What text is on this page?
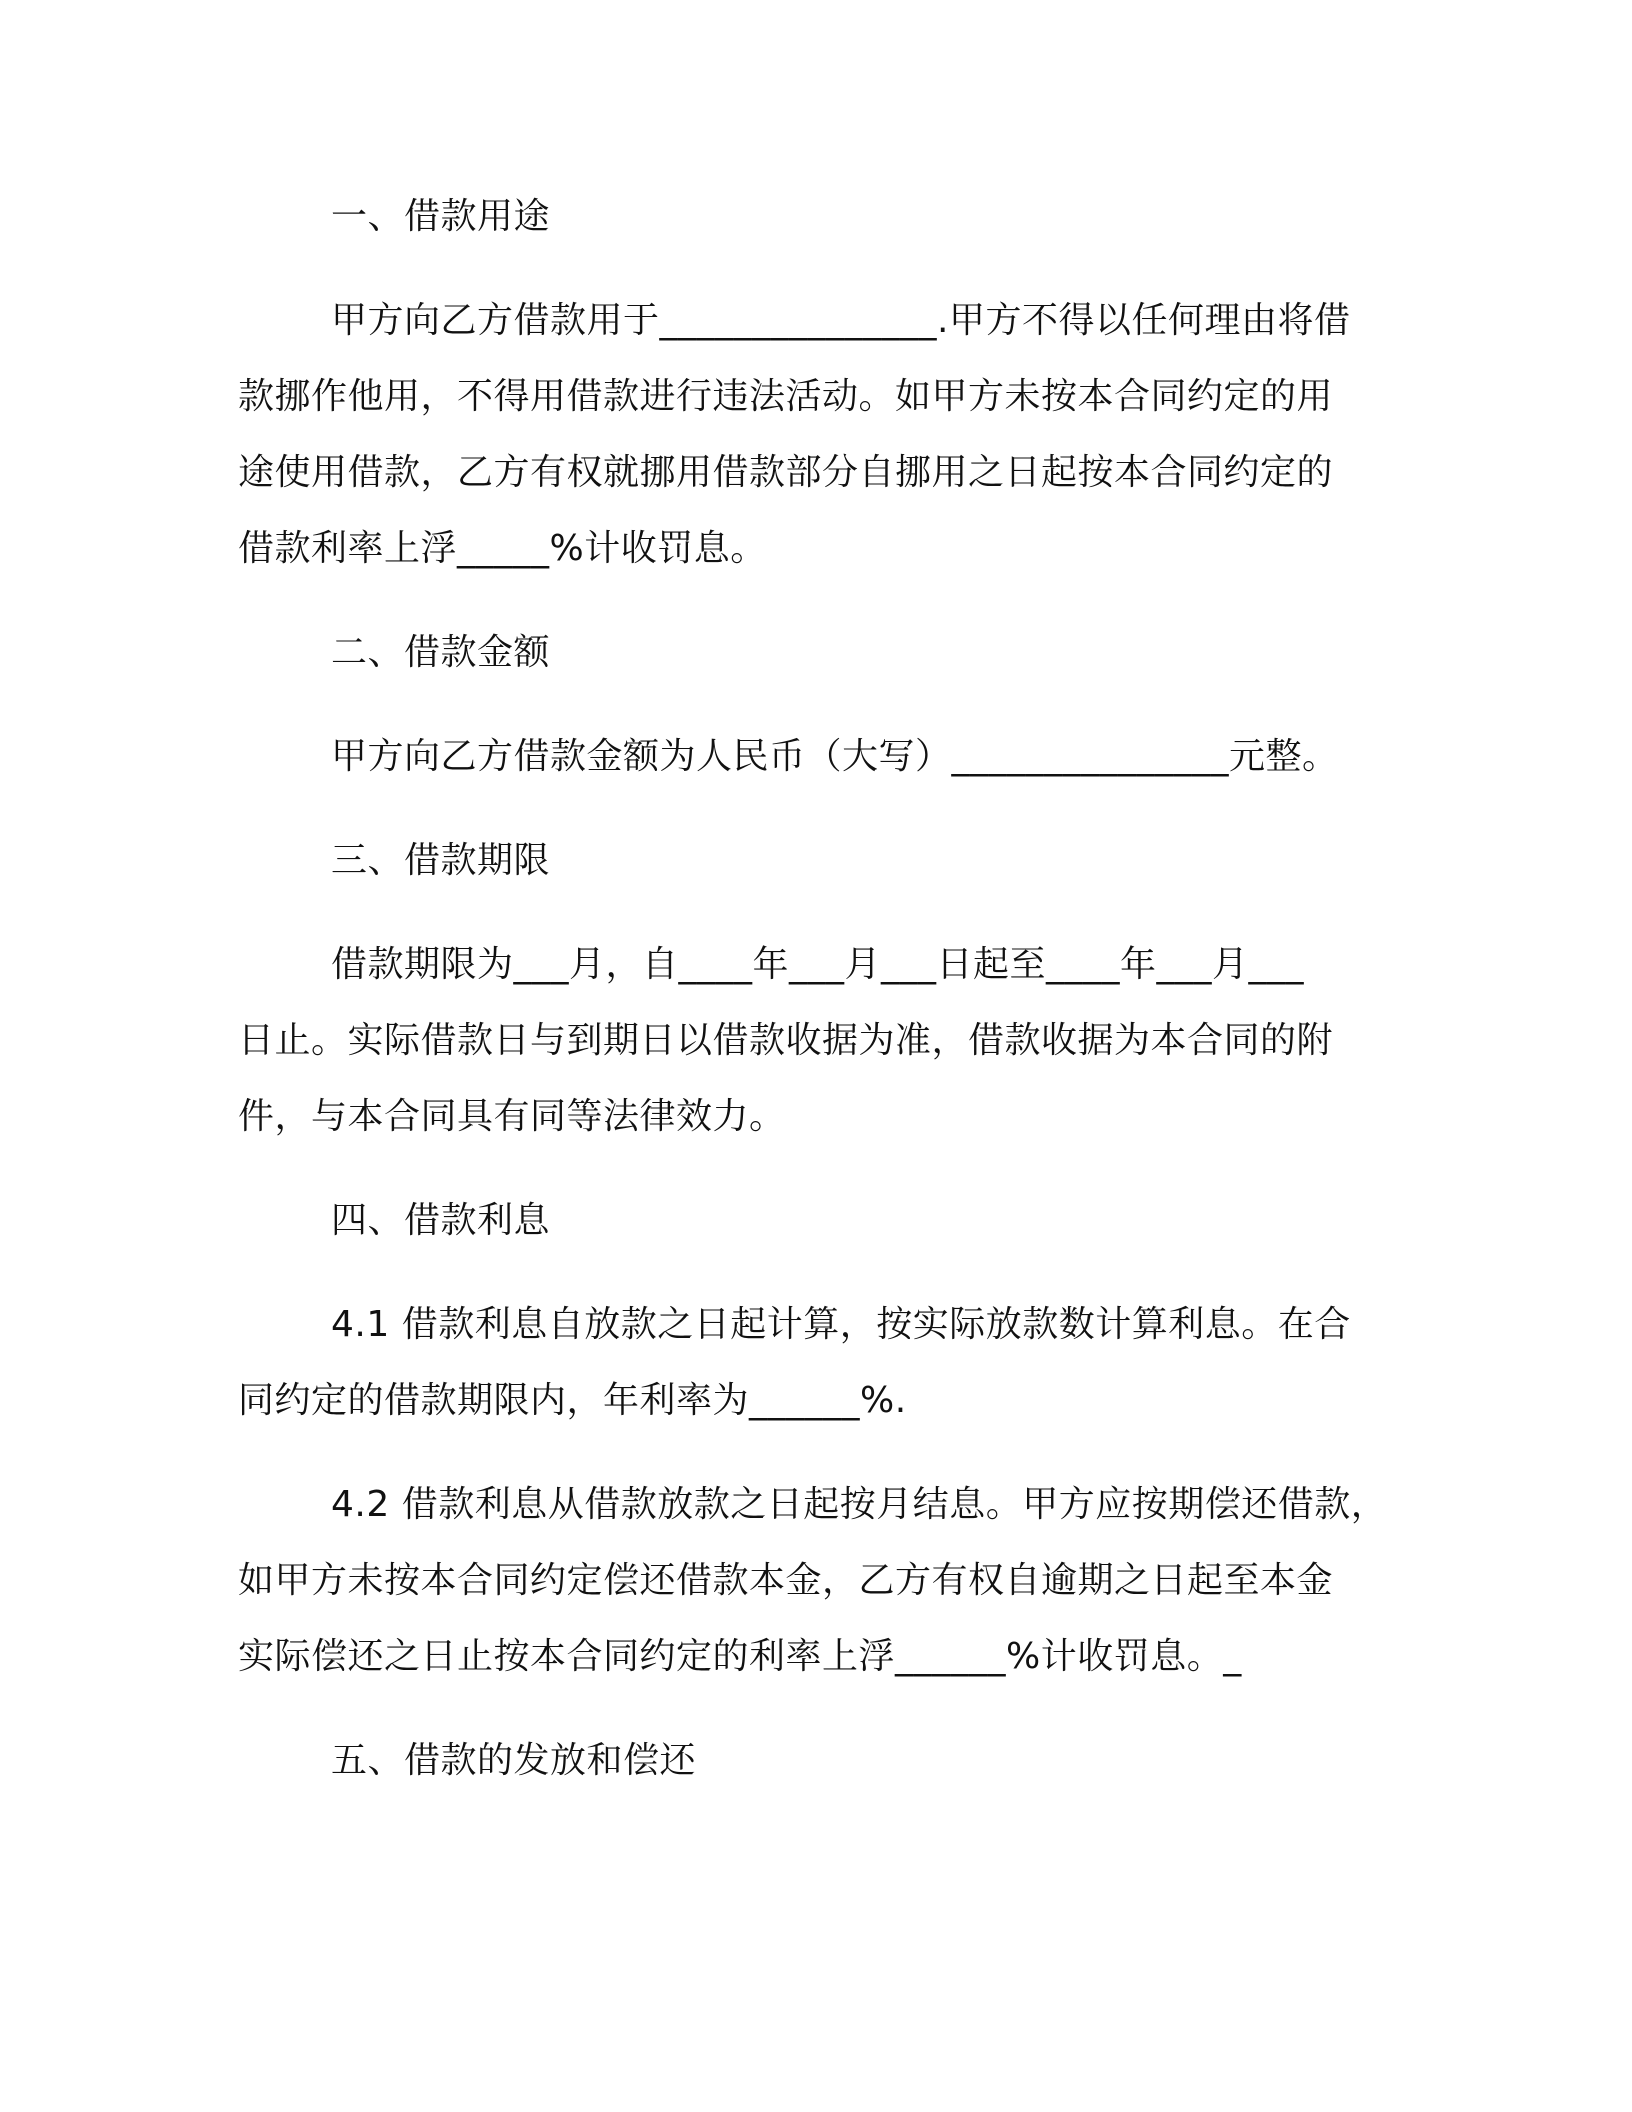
一、借款用途
甲方向乙方借款用于_______________.甲方不得以任何理由将借
款挪作他用，不得用借款进行违法活动。如甲方未按本合同约定的用
途使用借款，乙方有权就挪用借款部分自挪用之日起按本合同约定的
借款利率上浮_____%计收罚息。
二、借款金额
甲方向乙方借款金额为人民币（大写）_______________元整。
三、借款期限
借款期限为___月，自____年___月___日起至____年___月___
日止。实际借款日与到期日以借款收据为准，借款收据为本合同的附
件，与本合同具有同等法律效力。
四、借款利息
4.1 借款利息自放款之日起计算，按实际放款数计算利息。在合
同约定的借款期限内，年利率为______%.
4.2 借款利息从借款放款之日起按月结息。甲方应按期偿还借款，
如甲方未按本合同约定偿还借款本金，乙方有权自逾期之日起至本金
实际偿还之日止按本合同约定的利率上浮______%计收罚息。_
五、借款的发放和偿还
